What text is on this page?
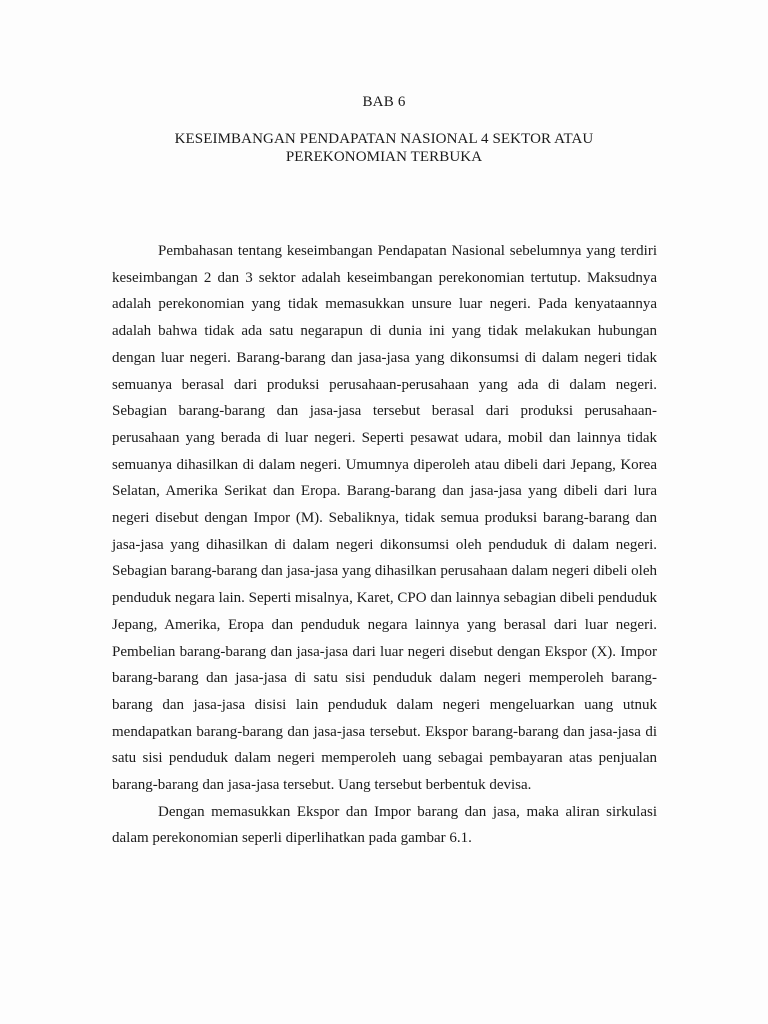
BAB 6
KESEIMBANGAN PENDAPATAN NASIONAL 4 SEKTOR ATAU
PEREKONOMIAN TERBUKA

Pembahasan tentang keseimbangan Pendapatan Nasional sebelumnya yang terdiri keseimbangan 2 dan 3 sektor adalah keseimbangan perekonomian tertutup. Maksudnya adalah perekonomian yang tidak memasukkan unsure luar negeri. Pada kenyataannya adalah bahwa tidak ada satu negarapun di dunia ini yang tidak melakukan hubungan dengan luar negeri. Barang-barang dan jasa-jasa yang dikonsumsi di dalam negeri tidak semuanya berasal dari produksi perusahaan-perusahaan yang ada di dalam negeri. Sebagian barang-barang dan jasa-jasa tersebut berasal dari produksi perusahaan-perusahaan yang berada di luar negeri. Seperti pesawat udara, mobil dan lainnya tidak semuanya dihasilkan di dalam negeri. Umumnya diperoleh atau dibeli dari Jepang, Korea Selatan, Amerika Serikat dan Eropa. Barang-barang dan jasa-jasa yang dibeli dari lura negeri disebut dengan Impor (M). Sebaliknya, tidak semua produksi barang-barang dan jasa-jasa yang dihasilkan di dalam negeri dikonsumsi oleh penduduk di dalam negeri. Sebagian barang-barang dan jasa-jasa yang dihasilkan perusahaan dalam negeri dibeli oleh penduduk negara lain. Seperti misalnya, Karet, CPO dan lainnya sebagian dibeli penduduk Jepang, Amerika, Eropa dan penduduk negara lainnya yang berasal dari luar negeri. Pembelian barang-barang dan jasa-jasa dari luar negeri disebut dengan Ekspor (X). Impor barang-barang dan jasa-jasa di satu sisi penduduk dalam negeri memperoleh barang-barang dan jasa-jasa disisi lain penduduk dalam negeri mengeluarkan uang utnuk mendapatkan barang-barang dan jasa-jasa tersebut. Ekspor barang-barang dan jasa-jasa di satu sisi penduduk dalam negeri memperoleh uang sebagai pembayaran atas penjualan barang-barang dan jasa-jasa tersebut. Uang tersebut berbentuk devisa.

Dengan memasukkan Ekspor dan Impor barang dan jasa, maka aliran sirkulasi dalam perekonomian seperli diperlihatkan pada gambar 6.1.
